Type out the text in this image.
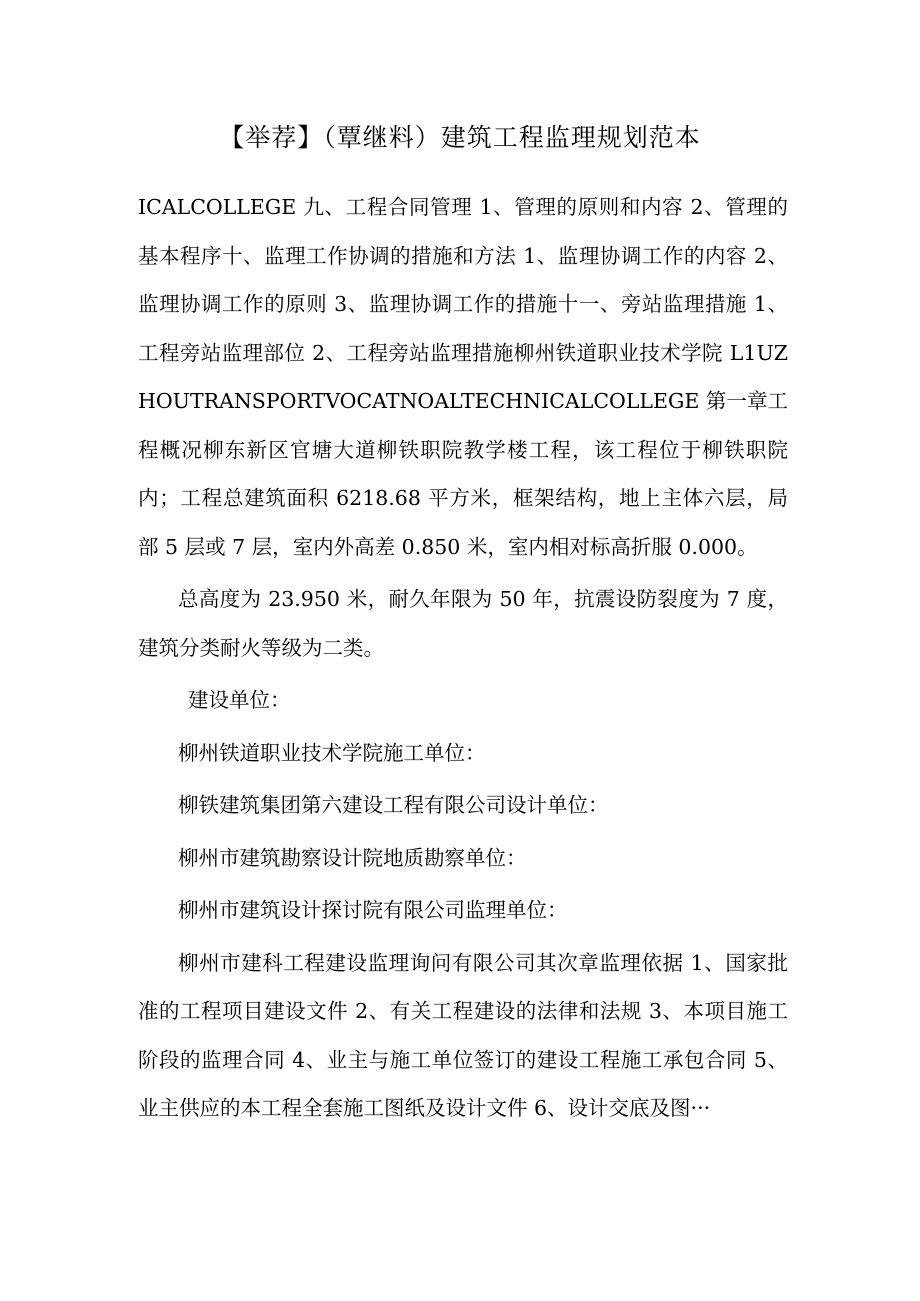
【举荐】（覃继料）建筑工程监理规划范本

ICALCOLLEGE 九、工程合同管理 1、管理的原则和内容 2、管理的基本程序十、监理工作协调的措施和方法 1、监理协调工作的内容 2、监理协调工作的原则 3、监理协调工作的措施十一、旁站监理措施 1、工程旁站监理部位 2、工程旁站监理措施柳州铁道职业技术学院 L1UZHOUTRANSPORTVOCATNOALTECHNICALCOLLEGE 第一章工程概况柳东新区官塘大道柳铁职院教学楼工程，该工程位于柳铁职院内；工程总建筑面积 6218.68 平方米，框架结构，地上主体六层，局部 5 层或 7 层，室内外高差 0.850 米，室内相对标高折服 0.000。

总高度为 23.950 米，耐久年限为 50 年，抗震设防裂度为 7 度，建筑分类耐火等级为二类。

建设单位：

柳州铁道职业技术学院施工单位：

柳铁建筑集团第六建设工程有限公司设计单位：

柳州市建筑勘察设计院地质勘察单位：

柳州市建筑设计探讨院有限公司监理单位：

柳州市建科工程建设监理询问有限公司其次章监理依据 1、国家批准的工程项目建设文件 2、有关工程建设的法律和法规 3、本项目施工阶段的监理合同 4、业主与施工单位签订的建设工程施工承包合同 5、业主供应的本工程全套施工图纸及设计文件 6、设计交底及图···
